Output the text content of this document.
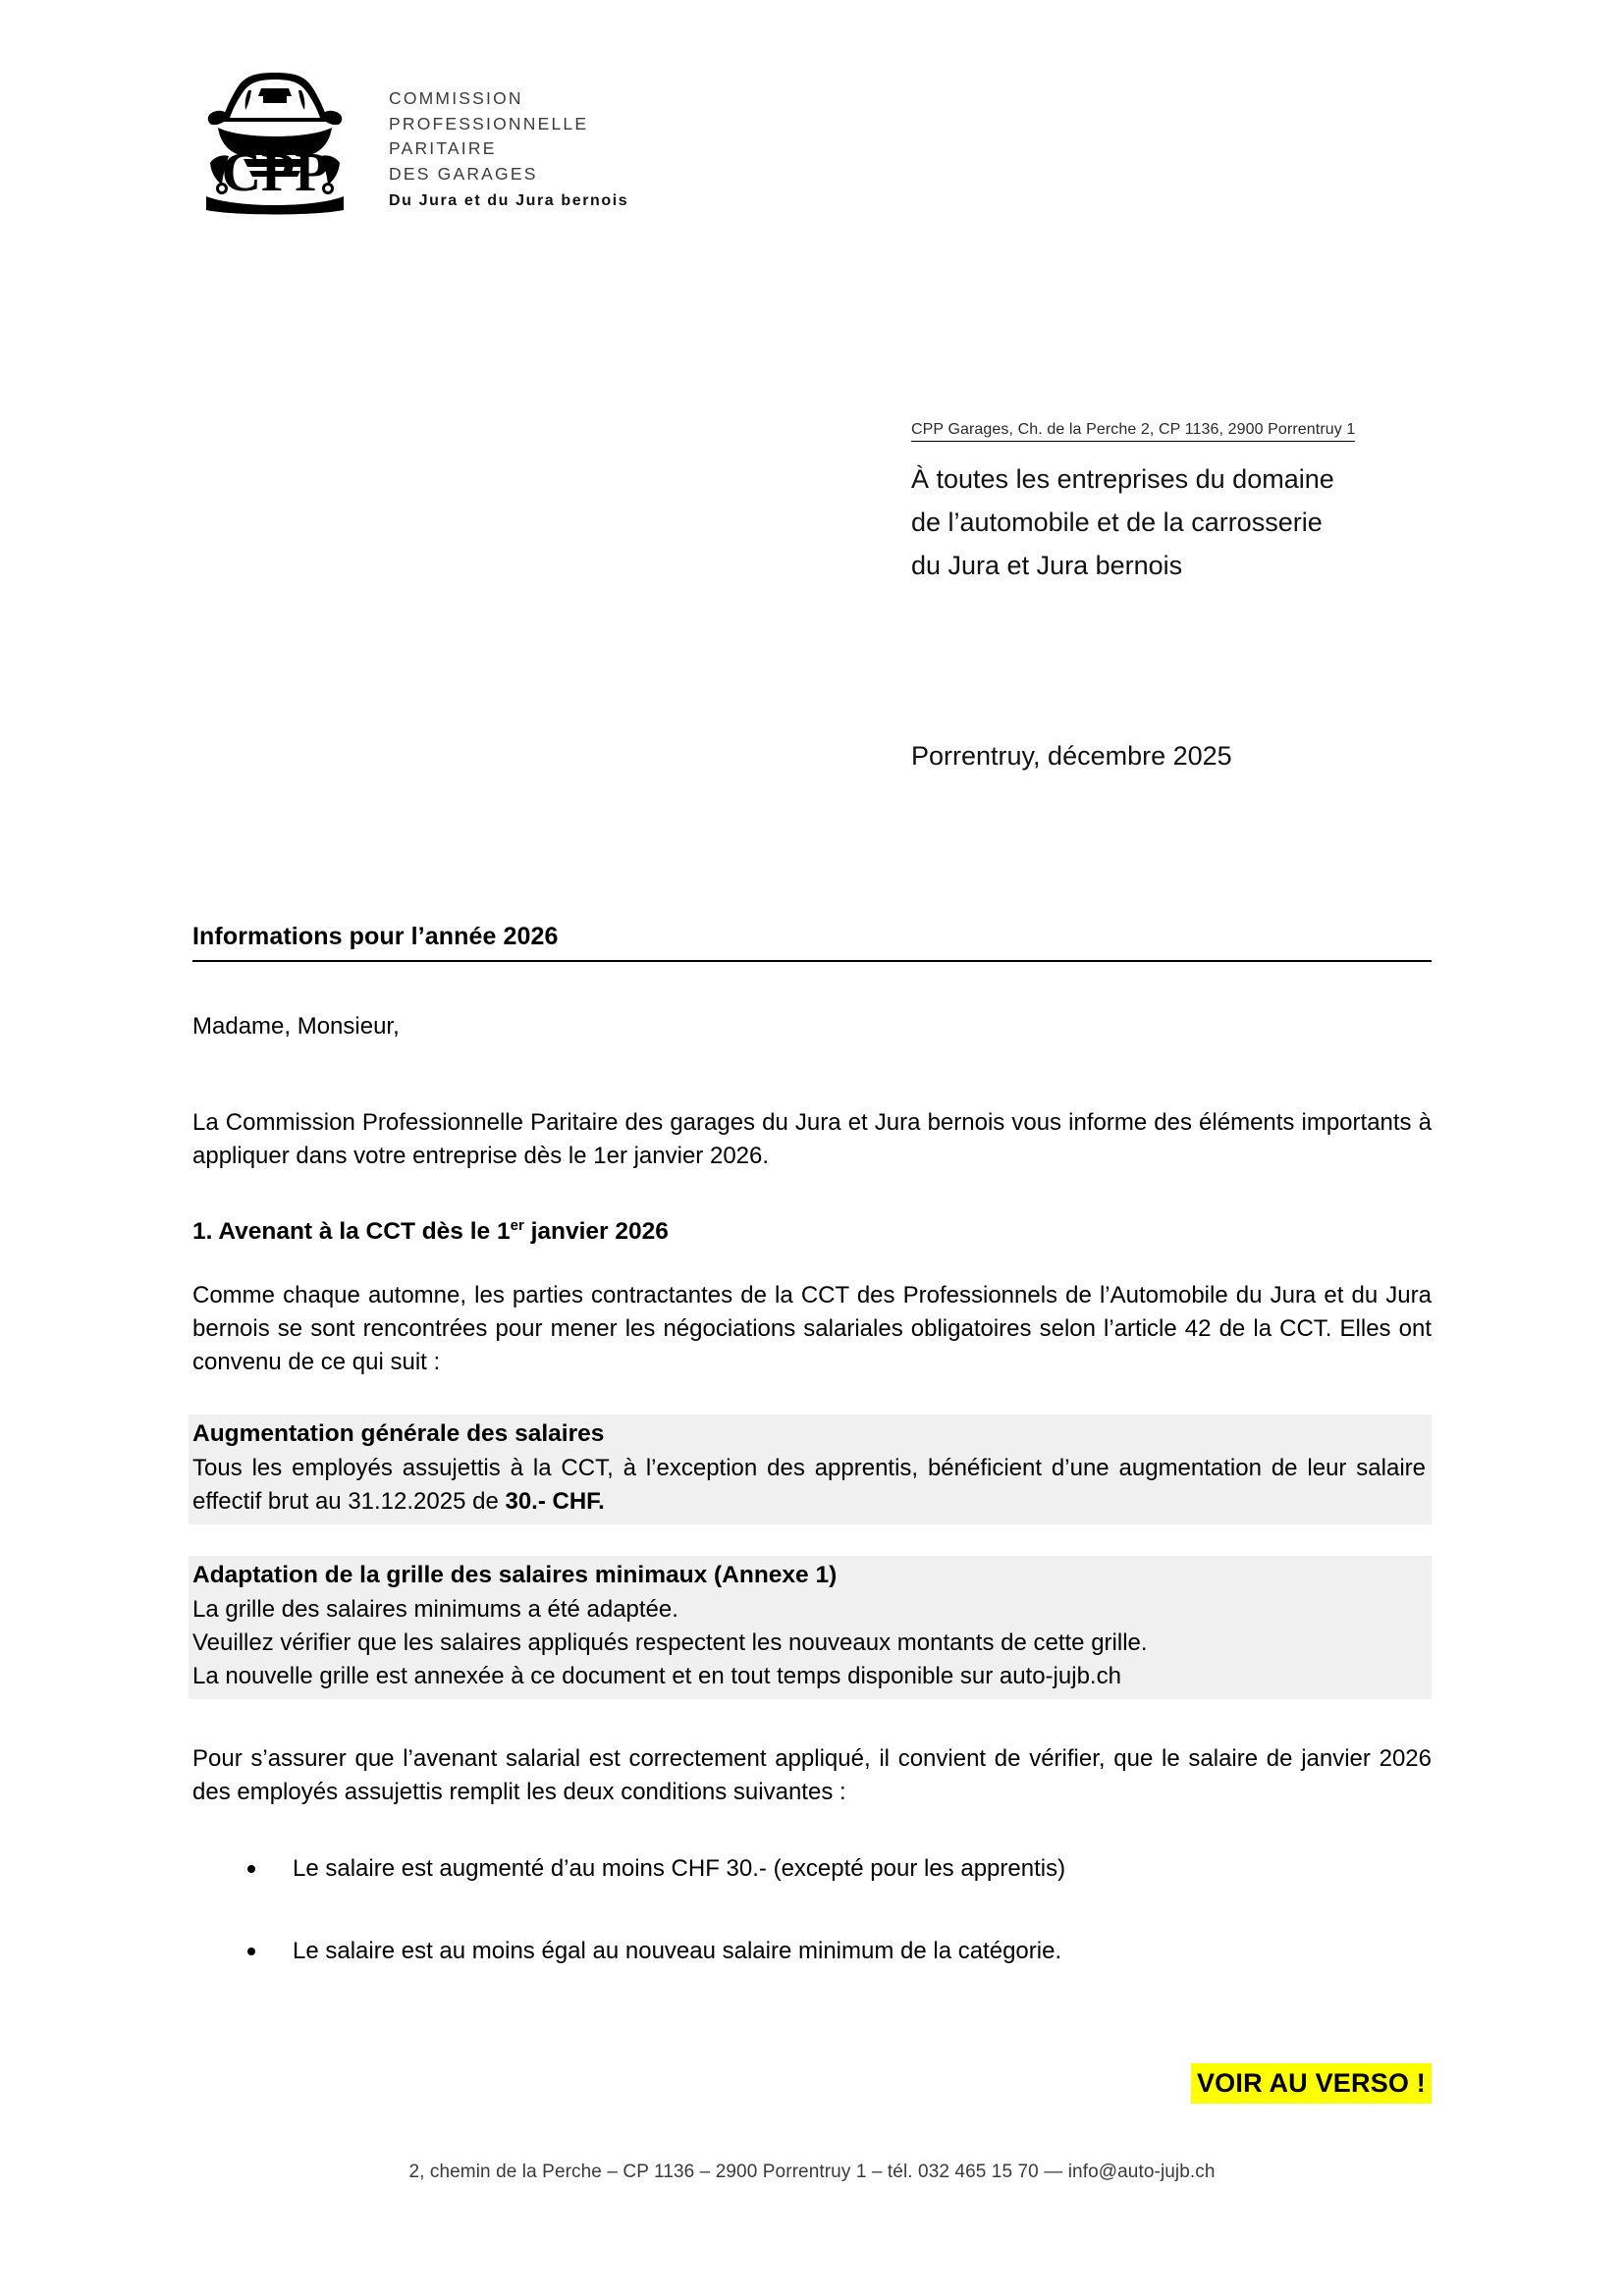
CPP
COMMISSION
PROFESSIONNELLE
PARITAIRE
DES GARAGES
Du Jura et du Jura bernois
CPP Garages, Ch. de la Perche 2, CP 1136, 2900 Porrentruy 1
À toutes les entreprises du domaine
de l’automobile et de la carrosserie
du Jura et Jura bernois
Porrentruy, décembre 2025
Informations pour l’année 2026

Madame, Monsieur,

La Commission Professionnelle Paritaire des garages du Jura et Jura bernois vous informe des éléments importants à appliquer dans votre entreprise dès le 1er janvier 2026.

1. Avenant à la CCT dès le 1er janvier 2026

Comme chaque automne, les parties contractantes de la CCT des Professionnels de l’Automobile du Jura et du Jura bernois se sont rencontrées pour mener les négociations salariales obligatoires selon l’article 42 de la CCT. Elles ont convenu de ce qui suit :

Augmentation générale des salaires
Tous les employés assujettis à la CCT, à l’exception des apprentis, bénéficient d’une augmentation de leur salaire effectif brut au 31.12.2025 de 30.- CHF.
Adaptation de la grille des salaires minimaux (Annexe 1)
La grille des salaires minimums a été adaptée.
Veuillez vérifier que les salaires appliqués respectent les nouveaux montants de cette grille.
La nouvelle grille est annexée à ce document et en tout temps disponible sur auto-jujb.ch

Pour s’assurer que l’avenant salarial est correctement appliqué, il convient de vérifier, que le salaire de janvier 2026 des employés assujettis remplit les deux conditions suivantes :

Le salaire est augmenté d’au moins CHF 30.- (excepté pour les apprentis)
Le salaire est au moins égal au nouveau salaire minimum de la catégorie.
VOIR AU VERSO !
2, chemin de la Perche – CP 1136 – 2900 Porrentruy 1 – tél. 032 465 15 70 — info@auto-jujb.ch
